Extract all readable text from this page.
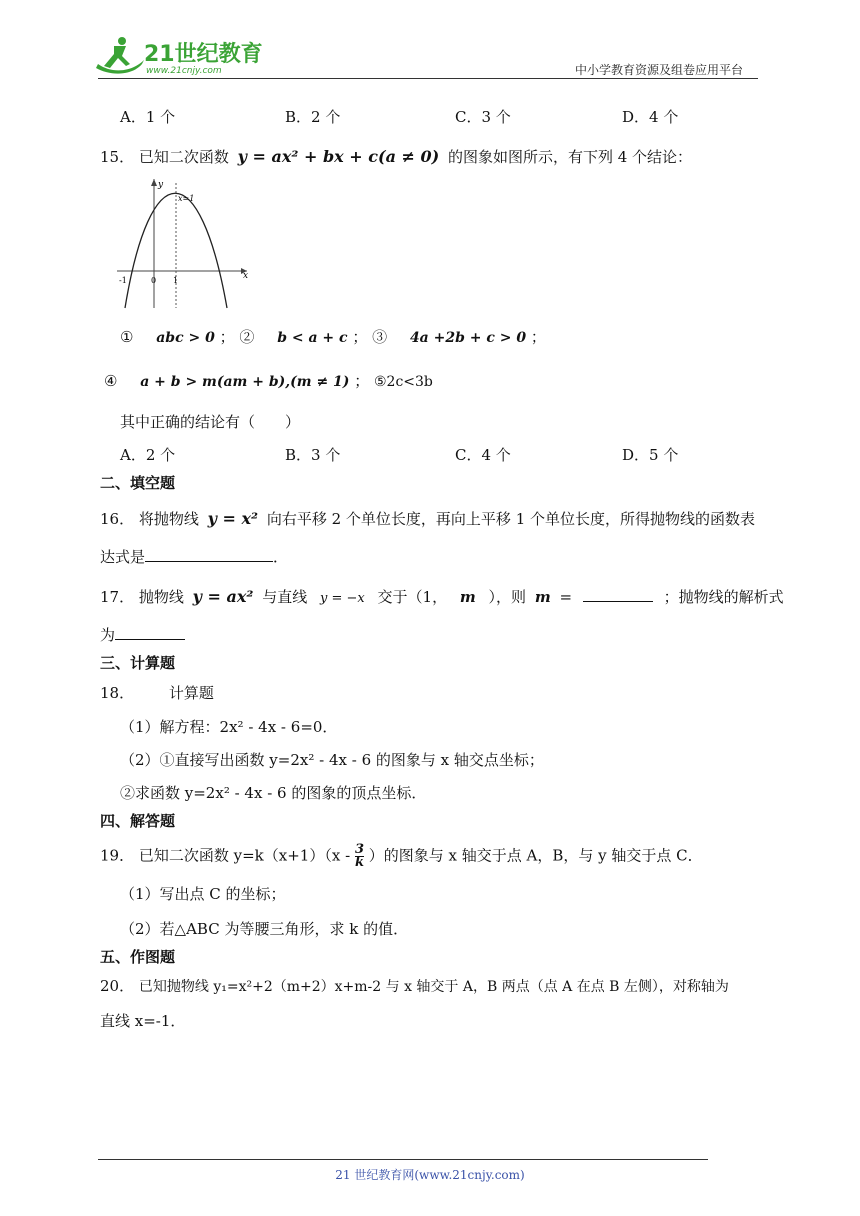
21世纪教育
www.21cnjy.com	中小学教育资源及组卷应用平台
A．1 个	B．2 个	C．3 个	D．4 个
15． 已知二次函数 y = ax² + bx + c(a ≠ 0) 的图象如图所示，有下列 4 个结论：
y
x
x=1
-1	0 1
① abc > 0 ； ② b < a + c ； ③ 4a +2b + c > 0 ；
④ a + b > m(am + b),(m ≠ 1) ； ⑤2c<3b
其中正确的结论有（　　）
A．2 个	B．3 个	C．4 个	D．5 个
二、填空题
16． 将抛物线 y = x² 向右平移 2 个单位长度，再向上平移 1 个单位长度，所得抛物线的函数表
达式是	．
17． 抛物线 y = ax² 与直线 y = −x 交于（1， m ），则 m =	；抛物线的解析式
为
三、计算题
18． 计算题
（1）解方程：2x² - 4x - 6=0．
（2）①直接写出函数 y=2x² - 4x - 6 的图象与 x 轴交点坐标；
②求函数 y=2x² - 4x - 6 的图象的顶点坐标．
四、解答题
19． 已知二次函数 $y=k(x+1)(x - \frac{3}{k}$ ）的图象与 x 轴交于点 A，B，与 y 轴交于点 C．
（1）写出点 C 的坐标；
（2）若△ABC 为等腰三角形，求 k 的值．
五、作图题
20． 已知抛物线 y₁=x²+2（m+2）x+m-2 与 x 轴交于 A，B 两点（点 A 在点 B 左侧），对称轴为
直线 x=-1．
21 世纪教育网(www.21cnjy.com)
